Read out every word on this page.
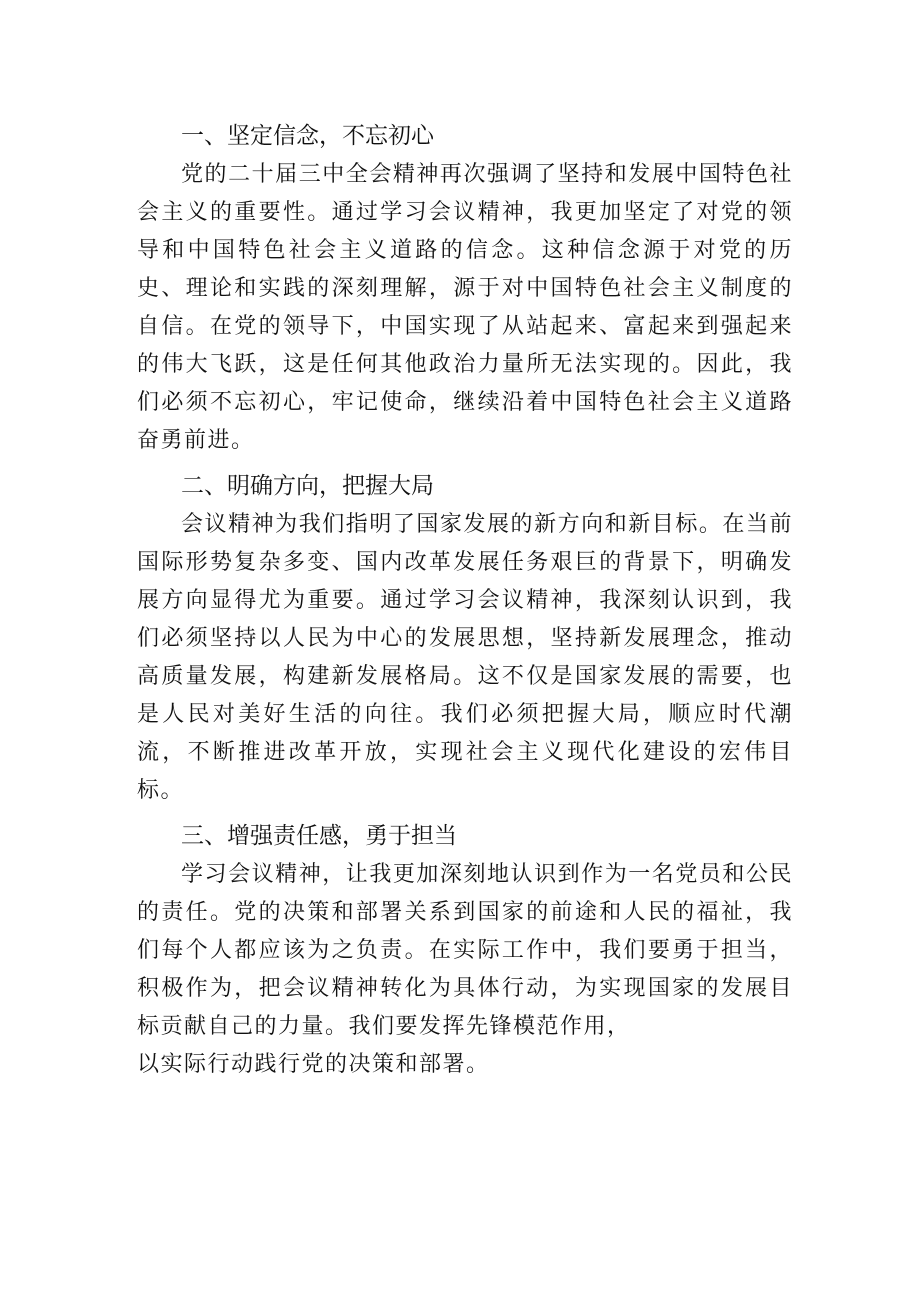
一、坚定信念，不忘初心

党的二十届三中全会精神再次强调了坚持和发展中国特色社会主义的重要性。通过学习会议精神，我更加坚定了对党的领导和中国特色社会主义道路的信念。这种信念源于对党的历史、理论和实践的深刻理解，源于对中国特色社会主义制度的自信。在党的领导下，中国实现了从站起来、富起来到强起来的伟大飞跃，这是任何其他政治力量所无法实现的。因此，我们必须不忘初心，牢记使命，继续沿着中国特色社会主义道路奋勇前进。

二、明确方向，把握大局

会议精神为我们指明了国家发展的新方向和新目标。在当前国际形势复杂多变、国内改革发展任务艰巨的背景下，明确发展方向显得尤为重要。通过学习会议精神，我深刻认识到，我们必须坚持以人民为中心的发展思想，坚持新发展理念，推动高质量发展，构建新发展格局。这不仅是国家发展的需要，也是人民对美好生活的向往。我们必须把握大局，顺应时代潮流，不断推进改革开放，实现社会主义现代化建设的宏伟目标。

三、增强责任感，勇于担当

学习会议精神，让我更加深刻地认识到作为一名党员和公民的责任。党的决策和部署关系到国家的前途和人民的福祉，我们每个人都应该为之负责。在实际工作中，我们要勇于担当，积极作为，把会议精神转化为具体行动，为实现国家的发展目标贡献自己的力量。我们要发挥先锋模范作用，

以实际行动践行党的决策和部署。
